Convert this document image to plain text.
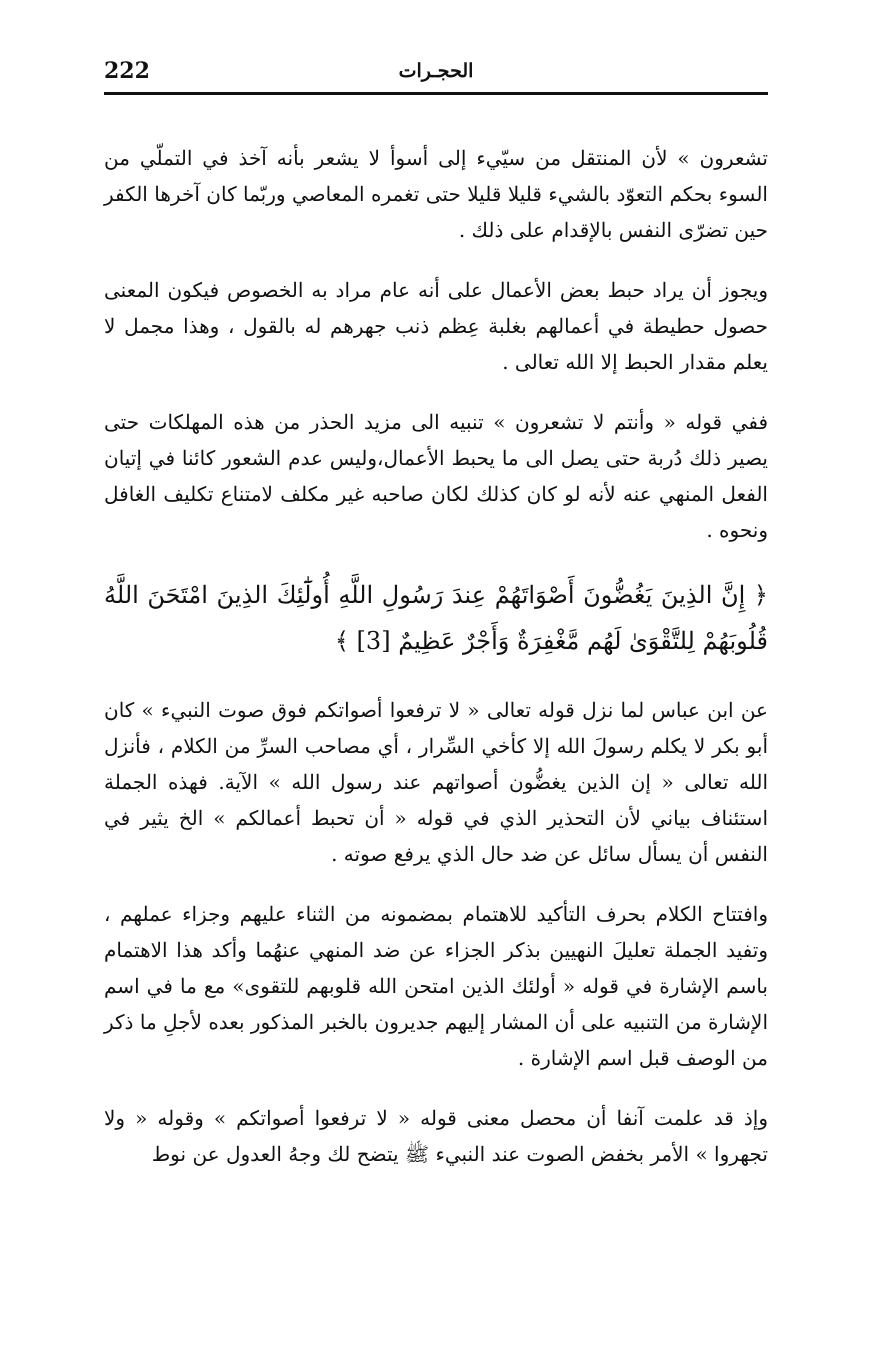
222	الحجـرات

تشعرون » لأن المنتقل من سيّيء إلى أسوأ لا يشعر بأنه آخذ في التملّي من السوء بحكم التعوّد بالشيء قليلا قليلا حتى تغمره المعاصي وربّما كان آخرها الكفر حين تضرّى النفس بالإقدام على ذلك .

ويجوز أن يراد حبط بعض الأعمال على أنه عام مراد به الخصوص فيكون المعنى حصول حطيطة في أعمالهم بغلبة عِظم ذنب جهرهم له بالقول ، وهذا مجمل لا يعلم مقدار الحبط إلا الله تعالى .

ففي قوله « وأنتم لا تشعرون » تنبيه الى مزيد الحذر من هذه المهلكات حتى يصير ذلك دُربة حتى يصل الى ما يحبط الأعمال،وليس عدم الشعور كائنا في إتيان الفعل المنهي عنه لأنه لو كان كذلك لكان صاحبه غير مكلف لامتناع تكليف الغافل ونحوه .

﴿ إِنَّ الذِينَ يَغُضُّونَ أَصْوَاتَهُمْ عِندَ رَسُولِ اللَّهِ أُولَٰٓئِكَ الذِينَ امْتَحَنَ اللَّهُ قُلُوبَهُمْ لِلتَّقْوَىٰ لَهُم مَّغْفِرَةٌ وَأَجْرٌ عَظِيمٌ [3] ﴾

عن ابن عباس لما نزل قوله تعالى « لا ترفعوا أصواتكم فوق صوت النبيء » كان أبو بكر لا يكلم رسولَ الله إلا كأخي السِّرار ، أي مصاحب السرِّ من الكلام ، فأنزل الله تعالى « إن الذين يغضُّون أصواتهم عند رسول الله » الآية. فهذه الجملة استئناف بياني لأن التحذير الذي في قوله « أن تحبط أعمالكم » الخ يثير في النفس أن يسأل سائل عن ضد حال الذي يرفع صوته .

وافتتاح الكلام بحرف التأكيد للاهتمام بمضمونه من الثناء عليهم وجزاء عملهم ، وتفيد الجملة تعليلَ النهيين بذكر الجزاء عن ضد المنهي عنهُما وأكد هذا الاهتمام باسم الإشارة في قوله « أولئك الذين امتحن الله قلوبهم للتقوى» مع ما في اسم الإشارة من التنبيه على أن المشار إليهم جديرون بالخبر المذكور بعده لأجلِ ما ذكر من الوصف قبل اسم الإشارة .

وإذ قد علمت آنفا أن محصل معنى قوله « لا ترفعوا أصواتكم » وقوله « ولا تجهروا » الأمر بخفض الصوت عند النبيء ﷺ يتضح لك وجهُ العدول عن نوط
